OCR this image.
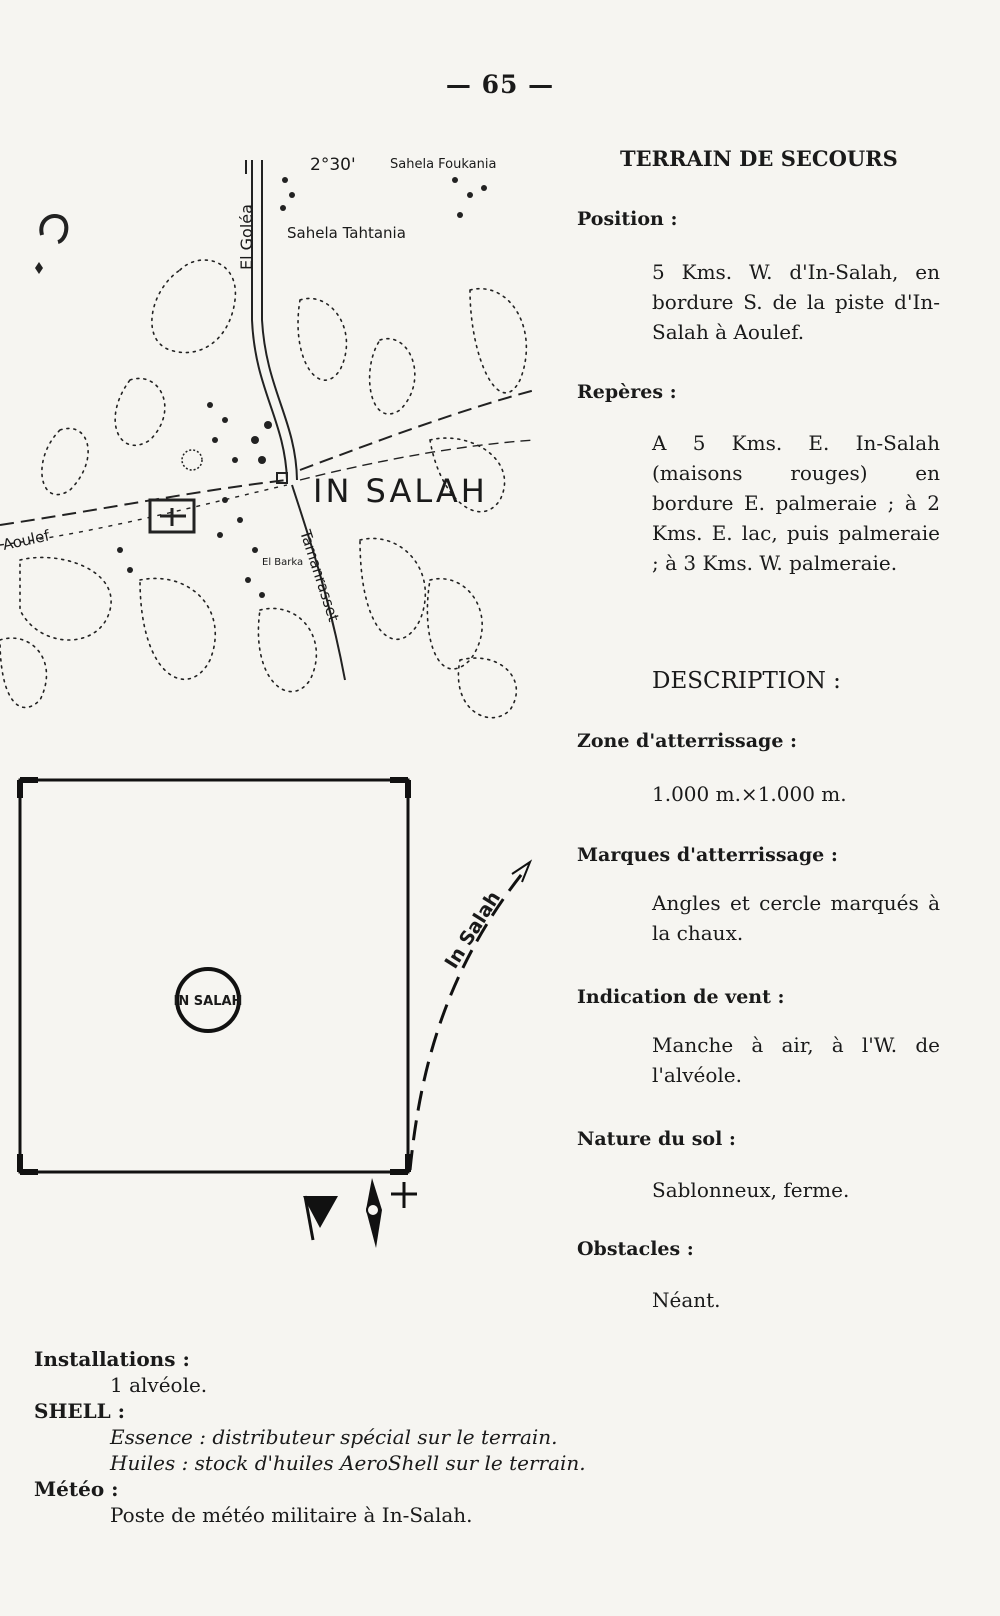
— 65 —
2°30'	Sahela Foukania
Sahela Tahtania
El Goléa
IN SALAH
Aoulef	Tamanrasset
El Barka
IN SALAH
In Salah
TERRAIN DE SECOURS
Position :
5 Kms. W. d'In-Salah, en bordure S. de la piste d'In-Salah à Aoulef.
Repères :
A 5 Kms. E. In-Salah (maisons rouges) en bordure E. palmeraie ; à 2 Kms. E. lac, puis palmeraie ; à 3 Kms. W. palmeraie.
DESCRIPTION :
Zone d'atterrissage :
1.000 m.×1.000 m.
Marques d'atterrissage :
Angles et cercle marqués à la chaux.
Indication de vent :
Manche à air, à l'W. de l'alvéole.
Nature du sol :
Sablonneux, ferme.
Obstacles :
Néant.
Installations :
1 alvéole.
SHELL :
Essence : distributeur spécial sur le terrain.
Huiles : stock d'huiles AeroShell sur le terrain.
Météo :
Poste de météo militaire à In-Salah.
